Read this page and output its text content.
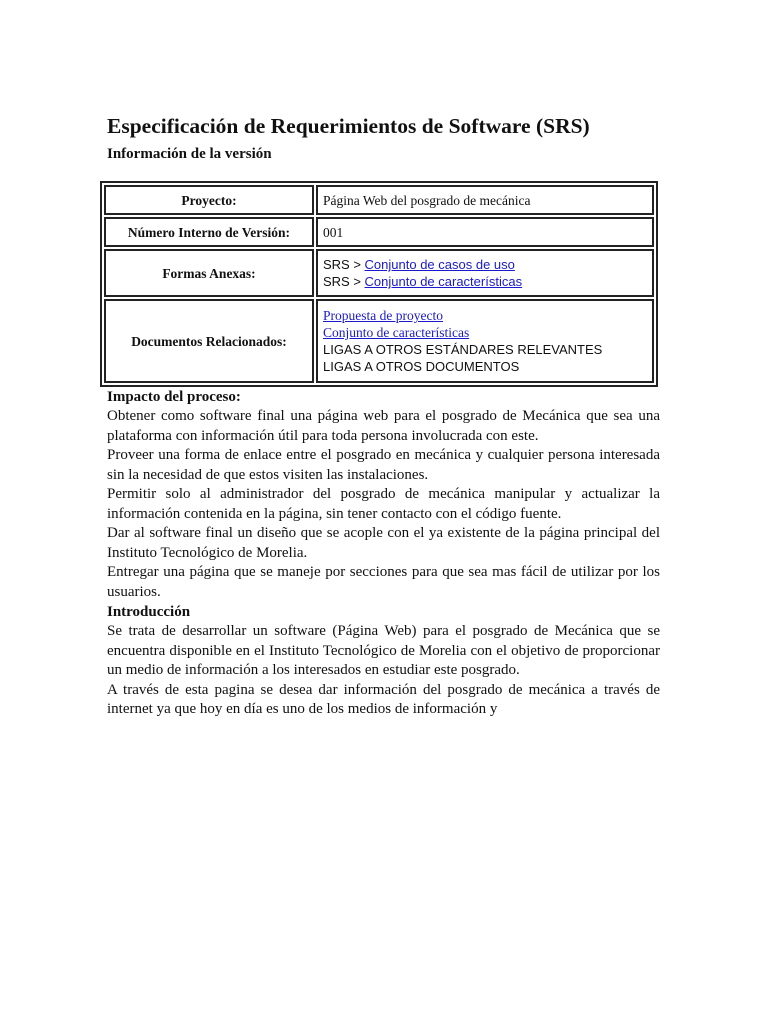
Especificación de Requerimientos de Software (SRS)
Información de la versión
Proyecto:	Página Web del posgrado de mecánica
Número Interno de Versión:	001
Formas Anexas:	SRS > Conjunto de casos de uso
SRS > Conjunto de características

Documentos Relacionados:	Propuesta de proyecto
Conjunto de características
LIGAS A OTROS ESTÁNDARES RELEVANTES
LIGAS A OTROS DOCUMENTOS
Impacto del proceso:

Obtener como software final una página web para el posgrado de Mecánica que sea una plataforma con información útil para toda persona involucrada con este.

Proveer una forma de enlace entre el posgrado en mecánica y cualquier persona interesada sin la necesidad de que estos visiten las instalaciones.

Permitir solo al administrador del posgrado de mecánica manipular y actualizar la información contenida en la página, sin tener contacto con el código fuente.

Dar al software final un diseño que se acople con el ya existente de la página principal del Instituto Tecnológico de Morelia.

Entregar una página que se maneje por secciones para que sea mas fácil de utilizar por los usuarios.

Introducción

Se trata de desarrollar un software (Página Web) para el posgrado de Mecánica que se encuentra disponible en el Instituto Tecnológico de Morelia con el objetivo de proporcionar un medio de información a los interesados en estudiar este posgrado.

A través de esta pagina se desea dar información del posgrado de mecánica a través de internet ya que hoy en día es uno de los medios de información y
